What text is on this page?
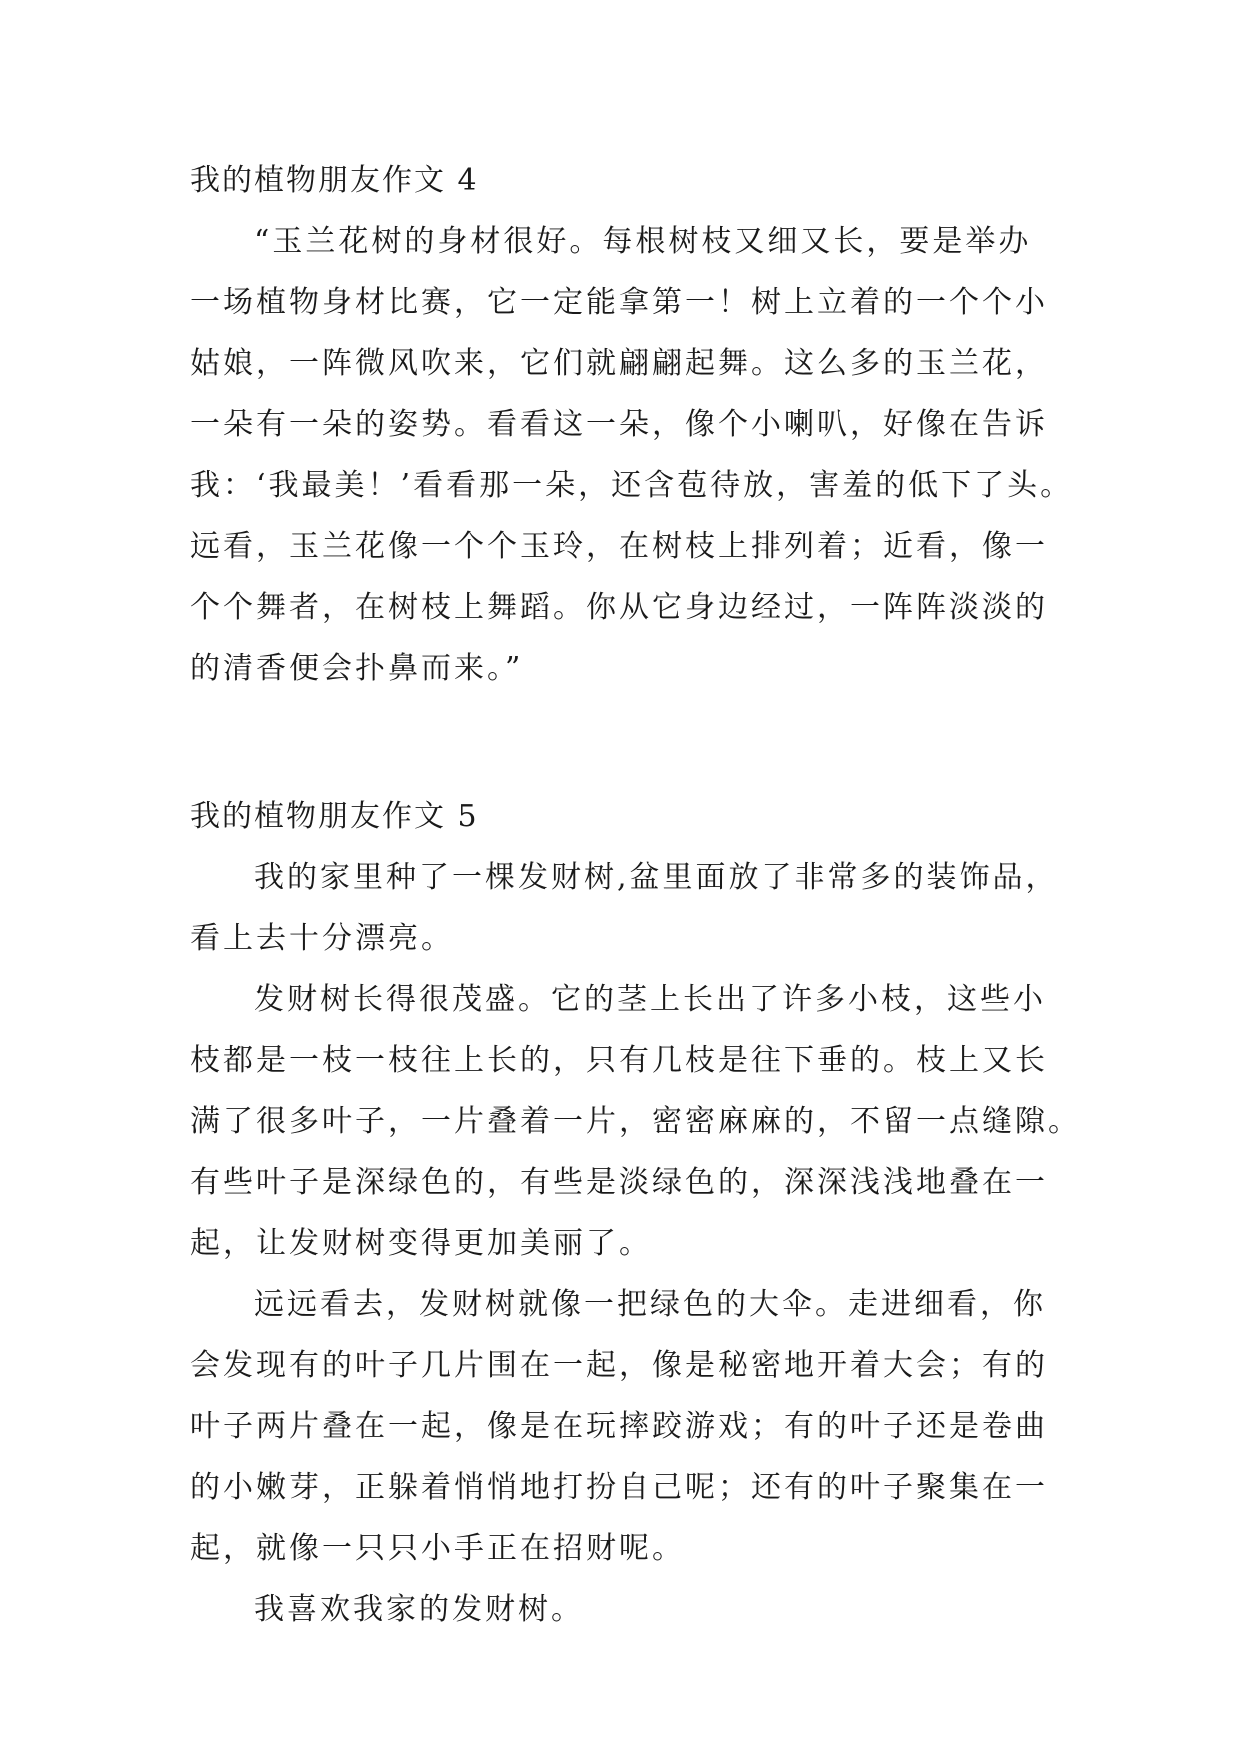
我的植物朋友作文 4
“玉兰花树的身材很好。每根树枝又细又长，要是举办
一场植物身材比赛，它一定能拿第一！树上立着的一个个小
姑娘，一阵微风吹来，它们就翩翩起舞。这么多的玉兰花，
一朵有一朵的姿势。看看这一朵，像个小喇叭，好像在告诉
我：‘我最美！’看看那一朵，还含苞待放，害羞的低下了头。
远看，玉兰花像一个个玉玲，在树枝上排列着；近看，像一
个个舞者，在树枝上舞蹈。你从它身边经过，一阵阵淡淡的
的清香便会扑鼻而来。”
我的植物朋友作文 5
我的家里种了一棵发财树,盆里面放了非常多的装饰品，
看上去十分漂亮。
发财树长得很茂盛。它的茎上长出了许多小枝，这些小
枝都是一枝一枝往上长的，只有几枝是往下垂的。枝上又长
满了很多叶子，一片叠着一片，密密麻麻的，不留一点缝隙。
有些叶子是深绿色的，有些是淡绿色的，深深浅浅地叠在一
起，让发财树变得更加美丽了。
远远看去，发财树就像一把绿色的大伞。走进细看，你
会发现有的叶子几片围在一起，像是秘密地开着大会；有的
叶子两片叠在一起，像是在玩摔跤游戏；有的叶子还是卷曲
的小嫩芽，正躲着悄悄地打扮自己呢；还有的叶子聚集在一
起，就像一只只小手正在招财呢。
我喜欢我家的发财树。
